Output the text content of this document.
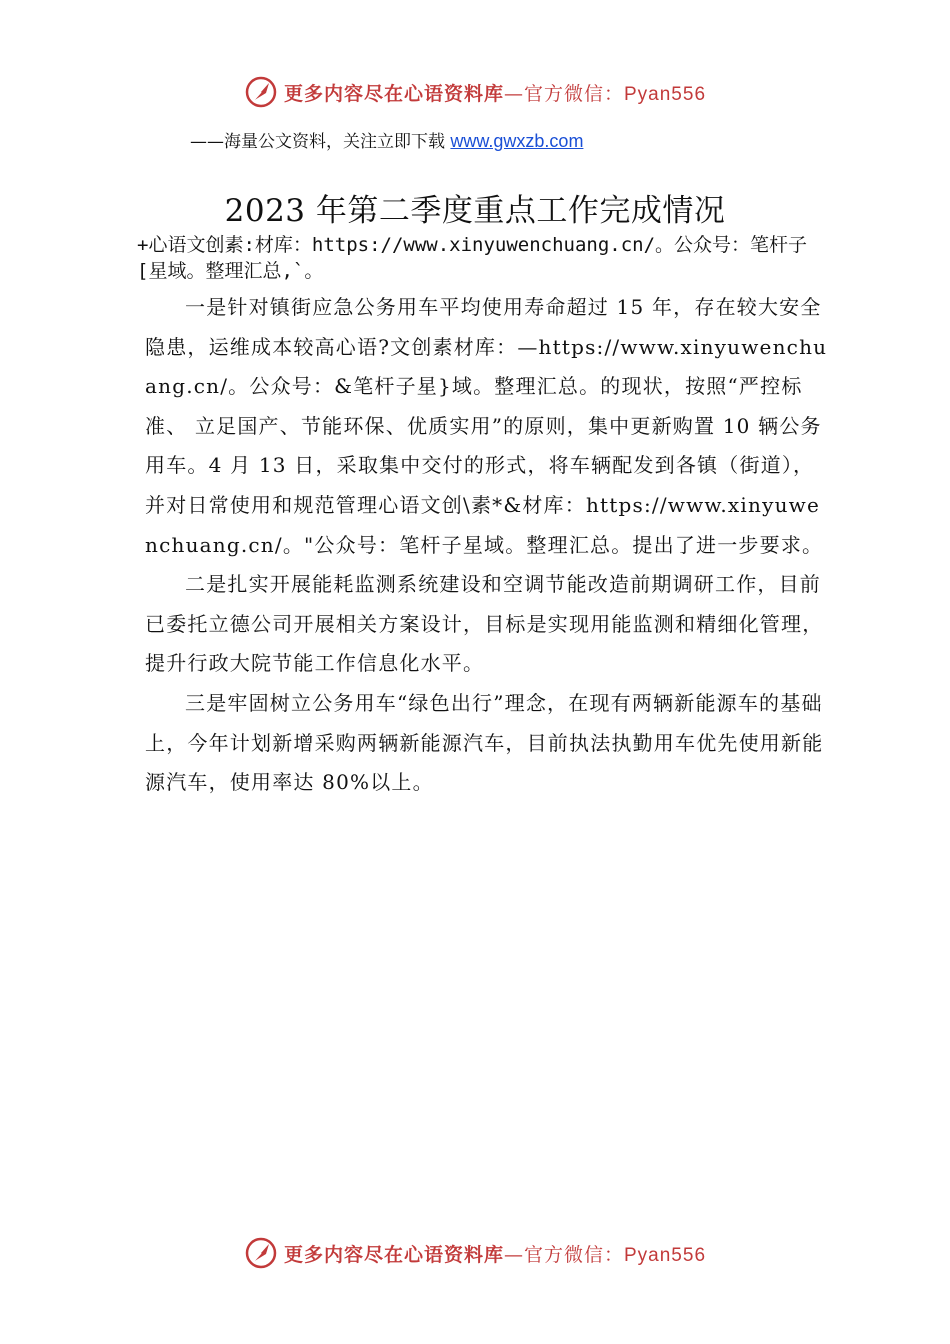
更多内容尽在心语资料库—官方微信：Pyan556
——海量公文资料，关注立即下载 www.gwxzb.com
2023 年第二季度重点工作完成情况
+心语文创素:材库：https://www.xinyuwenchuang.cn/。公众号：笔杆子[星域。整理汇总,`。

一是针对镇街应急公务用车平均使用寿命超过 15 年，存在较大安全隐患，运维成本较高心语?文创素材库：—https://www.xinyuwenchuang.cn/。公众号：&笔杆子星}域。整理汇总。的现状，按照“严控标准、 立足国产、节能环保、优质实用”的原则，集中更新购置 10 辆公务用车。4 月 13 日，采取集中交付的形式，将车辆配发到各镇（街道），并对日常使用和规范管理心语文创\素*&材库：https://www.xinyuwenchuang.cn/。"公众号：笔杆子星域。整理汇总。提出了进一步要求。

二是扎实开展能耗监测系统建设和空调节能改造前期调研工作，目前已委托立德公司开展相关方案设计，目标是实现用能监测和精细化管理，提升行政大院节能工作信息化水平。

三是牢固树立公务用车“绿色出行”理念，在现有两辆新能源车的基础上，今年计划新增采购两辆新能源汽车，目前执法执勤用车优先使用新能源汽车，使用率达 80%以上。

更多内容尽在心语资料库—官方微信：Pyan556
